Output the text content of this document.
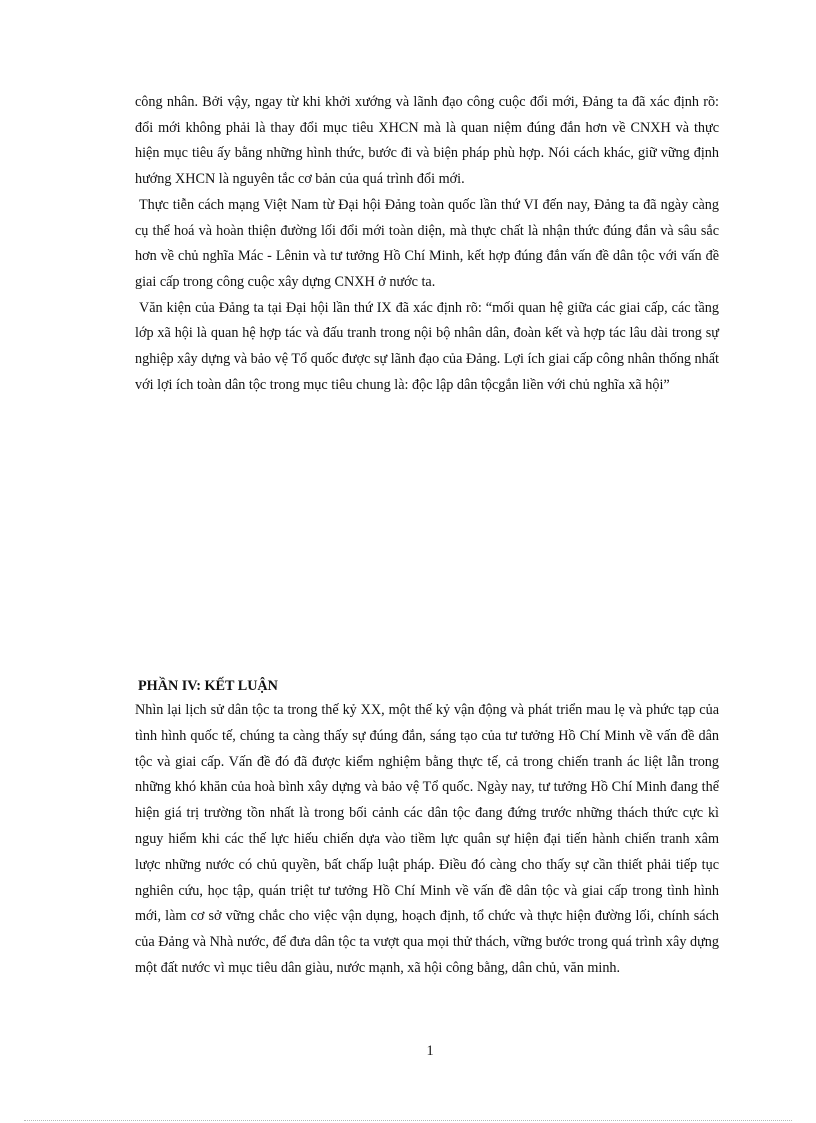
công nhân. Bởi vậy, ngay từ khi khởi xướng và lãnh đạo công cuộc đổi mới, Đảng ta đã xác định rõ: đổi mới không phải là thay đổi mục tiêu XHCN mà là quan niệm đúng đắn hơn về CNXH và thực hiện mục tiêu ấy bằng những hình thức, bước đi và biện pháp phù hợp. Nói cách khác, giữ vững định hướng XHCN là nguyên tắc cơ bản của quá trình đổi mới.

Thực tiễn cách mạng Việt Nam từ Đại hội Đảng toàn quốc lần thứ VI đến nay, Đảng ta đã ngày càng cụ thể hoá và hoàn thiện đường lối đổi mới toàn diện, mà thực chất là nhận thức đúng đắn và sâu sắc hơn về chủ nghĩa Mác - Lênin và tư tưởng Hồ Chí Minh, kết hợp đúng đắn vấn đề dân tộc với vấn đề giai cấp trong công cuộc xây dựng CNXH ở nước ta.

Văn kiện của Đảng ta tại Đại hội lần thứ IX đã xác định rõ: “mối quan hệ giữa các giai cấp, các tầng lớp xã hội là quan hệ hợp tác và đấu tranh trong nội bộ nhân dân, đoàn kết và hợp tác lâu dài trong sự nghiệp xây dựng và bảo vệ Tổ quốc được sự lãnh đạo của Đảng. Lợi ích giai cấp công nhân thống nhất với lợi ích toàn dân tộc trong mục tiêu chung là: độc lập dân tộcgắn liền với chủ nghĩa xã hội”

PHẦN IV: KẾT LUẬN

Nhìn lại lịch sử dân tộc ta trong thế kỷ XX, một thế kỷ vận động và phát triển mau lẹ và phức tạp của tình hình quốc tế, chúng ta càng thấy sự đúng đắn, sáng tạo của tư tưởng Hồ Chí Minh về vấn đề dân tộc và giai cấp. Vấn đề đó đã được kiểm nghiệm bằng thực tế, cả trong chiến tranh ác liệt lẫn trong những khó khăn của hoà bình xây dựng và bảo vệ Tổ quốc. Ngày nay, tư tưởng Hồ Chí Minh đang thể hiện giá trị trường tồn nhất là trong bối cảnh các dân tộc đang đứng trước những thách thức cực kì nguy hiểm khi các thế lực hiếu chiến dựa vào tiềm lực quân sự hiện đại tiến hành chiến tranh xâm lược những nước có chủ quyền, bất chấp luật pháp. Điều đó càng cho thấy sự cần thiết phải tiếp tục nghiên cứu, học tập, quán triệt tư tưởng Hồ Chí Minh về vấn đề dân tộc và giai cấp trong tình hình mới, làm cơ sở vững chắc cho việc vận dụng, hoạch định, tổ chức và thực hiện đường lối, chính sách của Đảng và Nhà nước, để đưa dân tộc ta vượt qua mọi thử thách, vững bước trong quá trình xây dựng một đất nước vì mục tiêu dân giàu, nước mạnh, xã hội công bằng, dân chủ, văn minh.

1
